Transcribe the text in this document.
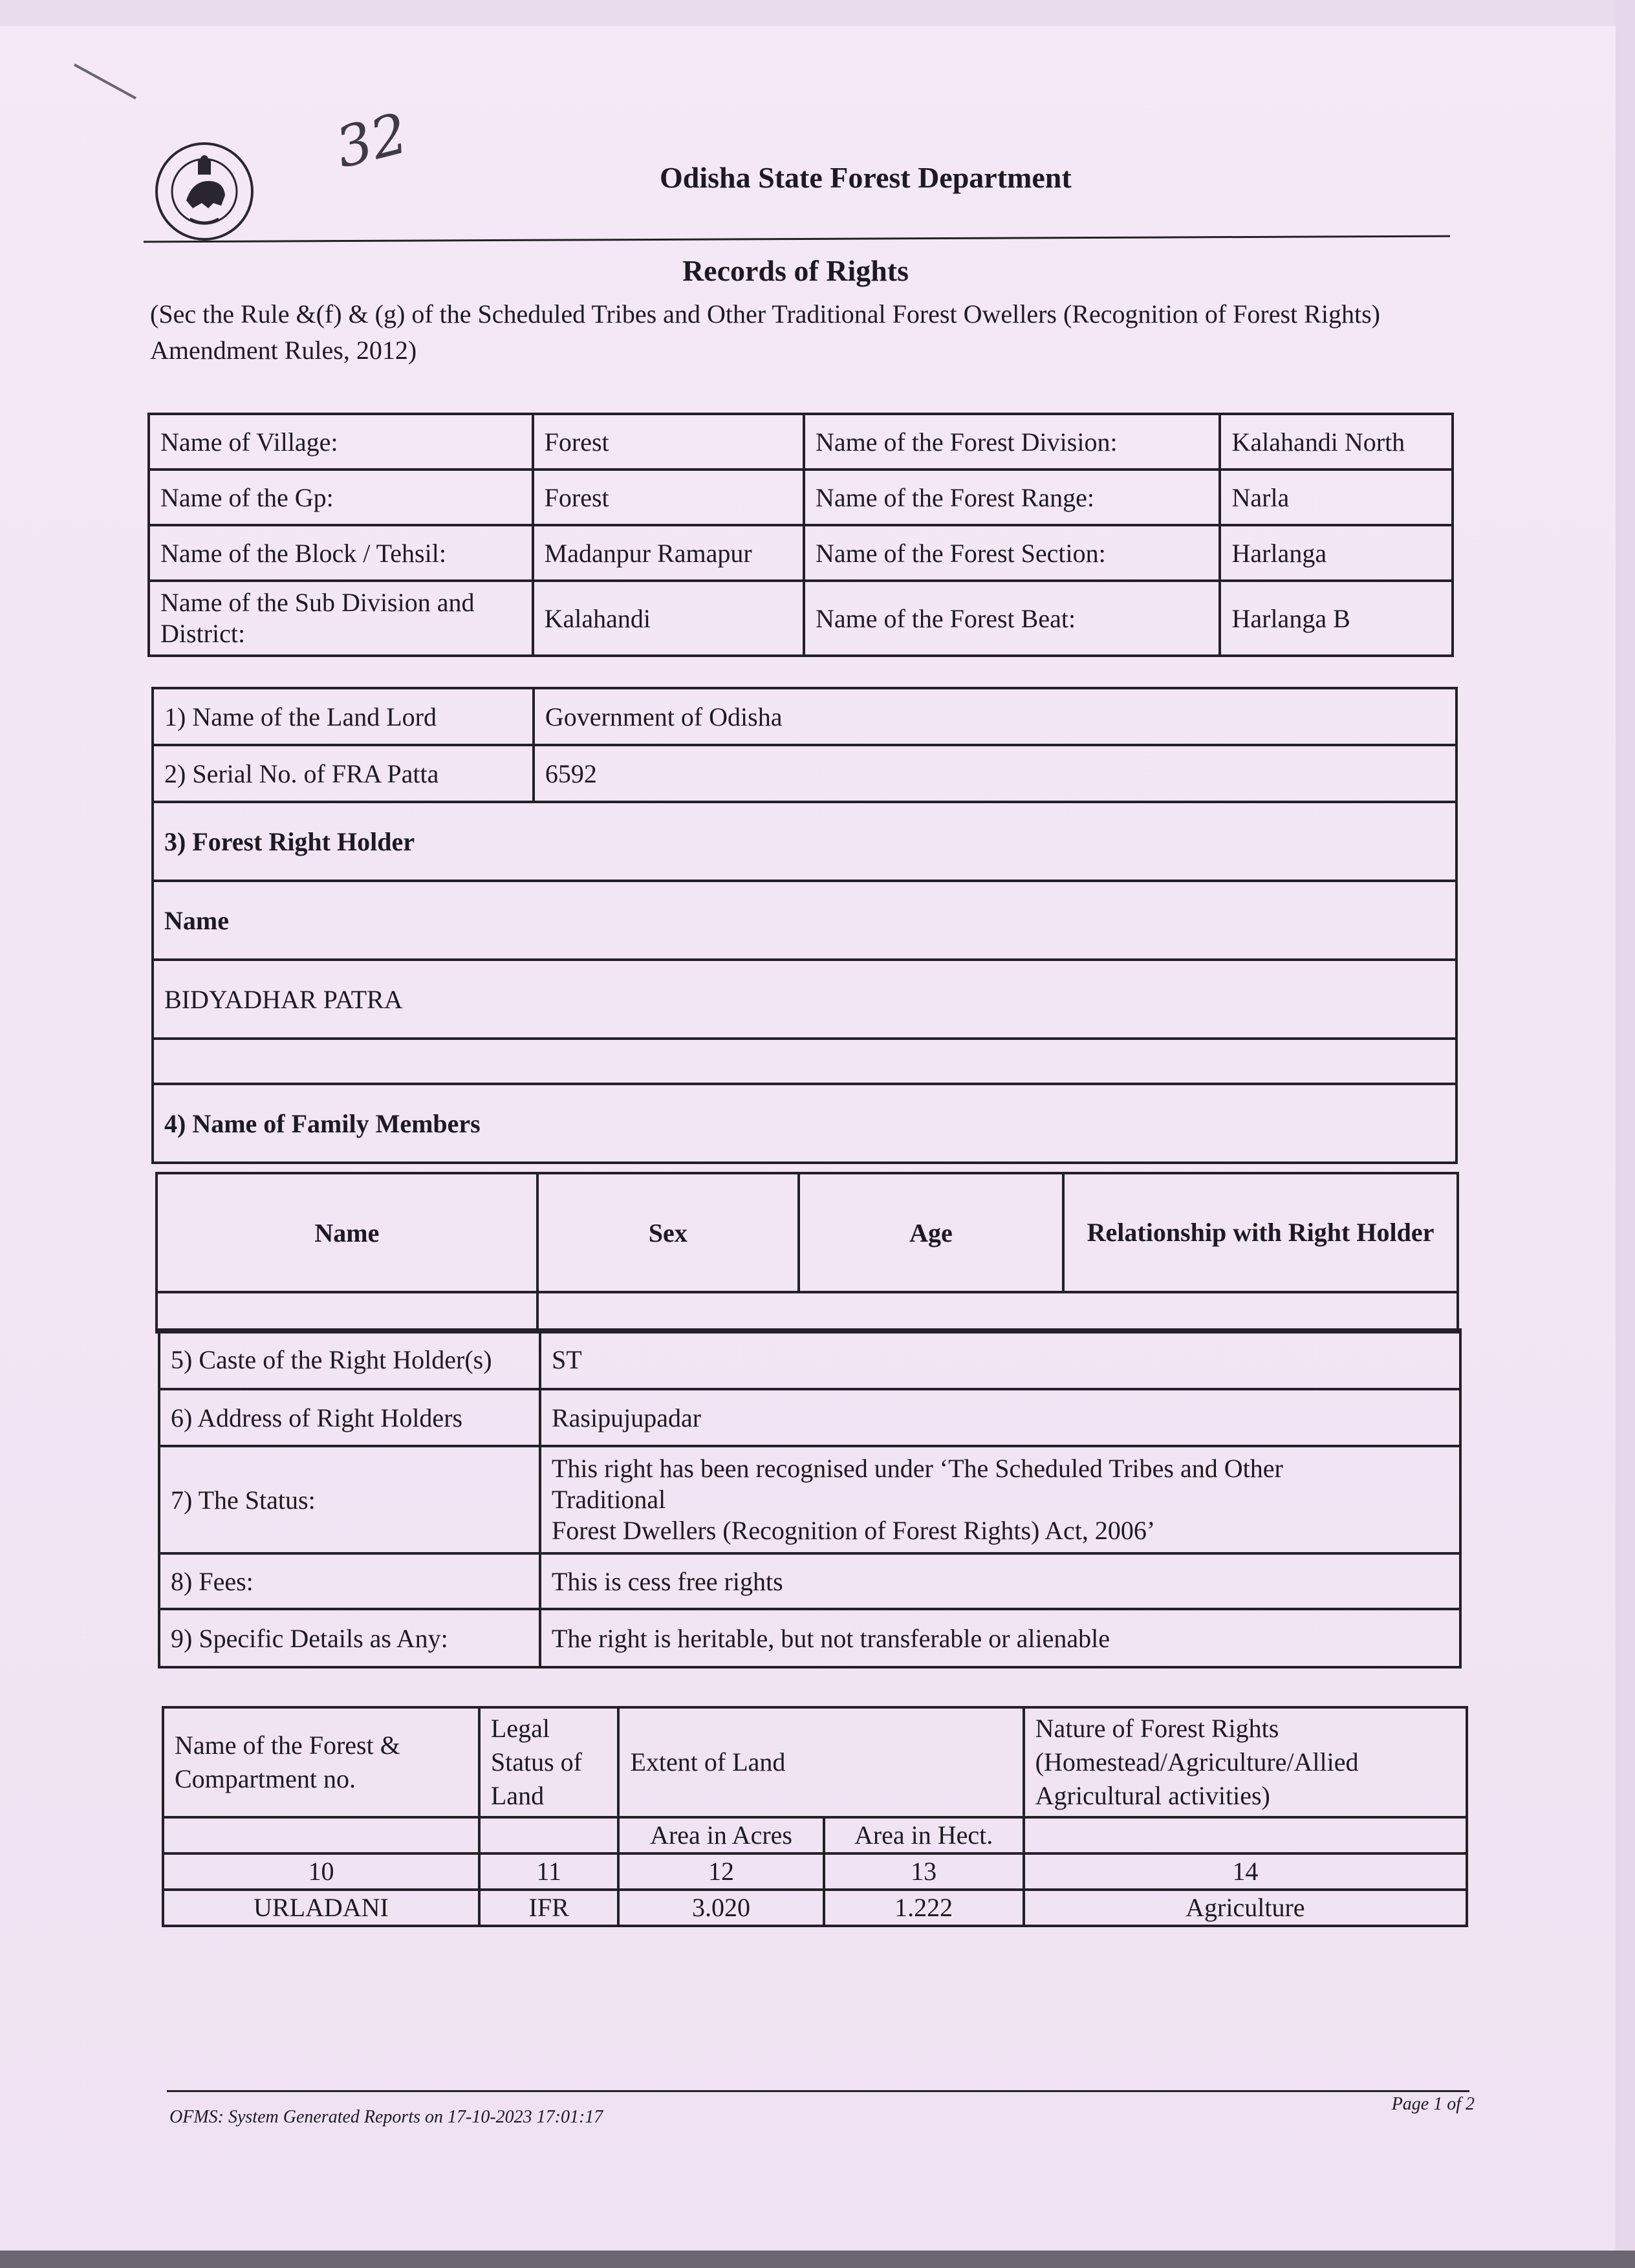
32	Odisha State Forest Department
Records of Rights
(Sec the Rule &(f) & (g) of the Scheduled Tribes and Other Traditional Forest Owellers (Recognition of Forest Rights) Amendment Rules, 2012)
Name of Village:	Forest	Name of the Forest Division:	Kalahandi North
Name of the Gp:	Forest	Name of the Forest Range:	Narla
Name of the Block / Tehsil:	Madanpur Ramapur	Name of the Forest Section:	Harlanga
Name of the Sub Division and District:	Kalahandi	Name of the Forest Beat:	Harlanga B
1) Name of the Land Lord	Government of Odisha
2) Serial No. of FRA Patta	6592
3) Forest Right Holder	
Name	
BIDYADHAR PATRA	

4) Name of Family Members	
Name	Sex	Age	Relationship with Right Holder

5) Caste of the Right Holder(s)	ST
6) Address of Right Holders	Rasipujupadar
7) The Status:	This right has been recognised under ‘The Scheduled Tribes and Other
Traditional
Forest Dwellers (Recognition of Forest Rights) Act, 2006’

8) Fees:	This is cess free rights
9) Specific Details as Any:	The right is heritable, but not transferable or alienable
Name of the Forest & Compartment no.	Legal Status of Land	Extent of Land		Nature of Forest Rights (Homestead/Agriculture/Allied Agricultural activities)
		Area in Acres	Area in Hect.	
10	11	12	13	14
URLADANI	IFR	3.020	1.222	Agriculture
OFMS: System Generated Reports on 17-10-2023 17:01:17
Page 1 of 2
